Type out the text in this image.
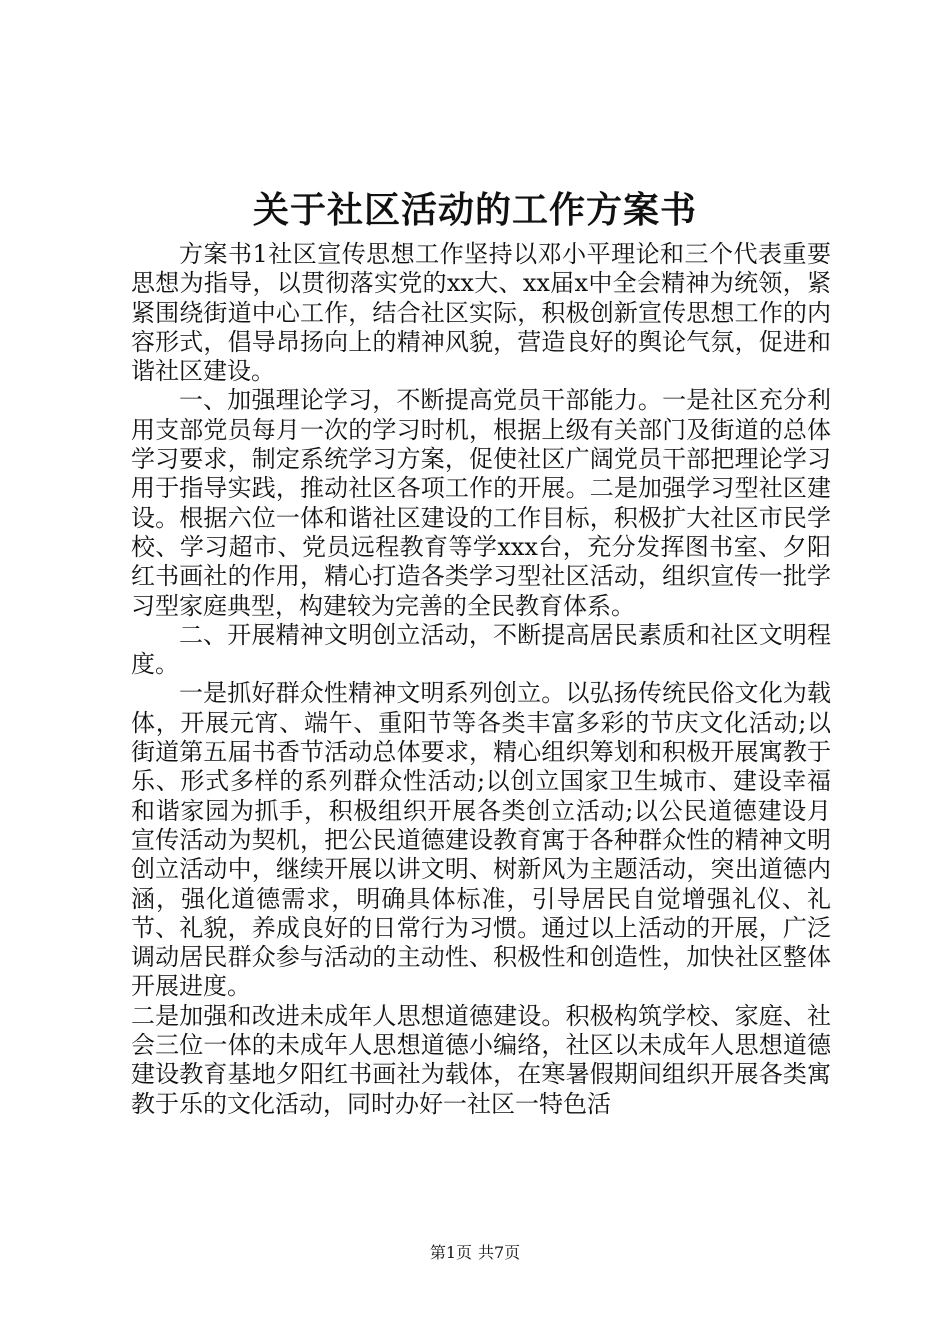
关于社区活动的工作方案书

方案书1社区宣传思想工作坚持以邓小平理论和三个代表重要思想为指导，以贯彻落实党的xx大、xx届x中全会精神为统领，紧紧围绕街道中心工作，结合社区实际，积极创新宣传思想工作的内容形式，倡导昂扬向上的精神风貌，营造良好的舆论气氛，促进和谐社区建设。

一、加强理论学习，不断提高党员干部能力。一是社区充分利用支部党员每月一次的学习时机，根据上级有关部门及街道的总体学习要求，制定系统学习方案，促使社区广阔党员干部把理论学习用于指导实践，推动社区各项工作的开展。二是加强学习型社区建设。根据六位一体和谐社区建设的工作目标，积极扩大社区市民学校、学习超市、党员远程教育等学xxx台，充分发挥图书室、夕阳红书画社的作用，精心打造各类学习型社区活动，组织宣传一批学习型家庭典型，构建较为完善的全民教育体系。

二、开展精神文明创立活动，不断提高居民素质和社区文明程度。

一是抓好群众性精神文明系列创立。以弘扬传统民俗文化为载体，开展元宵、端午、重阳节等各类丰富多彩的节庆文化活动;以街道第五届书香节活动总体要求，精心组织筹划和积极开展寓教于乐、形式多样的系列群众性活动;以创立国家卫生城市、建设幸福和谐家园为抓手，积极组织开展各类创立活动;以公民道德建设月宣传活动为契机，把公民道德建设教育寓于各种群众性的精神文明创立活动中，继续开展以讲文明、树新风为主题活动，突出道德内涵，强化道德需求，明确具体标准，引导居民自觉增强礼仪、礼节、礼貌，养成良好的日常行为习惯。通过以上活动的开展，广泛调动居民群众参与活动的主动性、积极性和创造性，加快社区整体开展进度。

二是加强和改进未成年人思想道德建设。积极构筑学校、家庭、社会三位一体的未成年人思想道德小编络，社区以未成年人思想道德建设教育基地夕阳红书画社为载体，在寒暑假期间组织开展各类寓教于乐的文化活动，同时办好一社区一特色活

第1页 共7页
